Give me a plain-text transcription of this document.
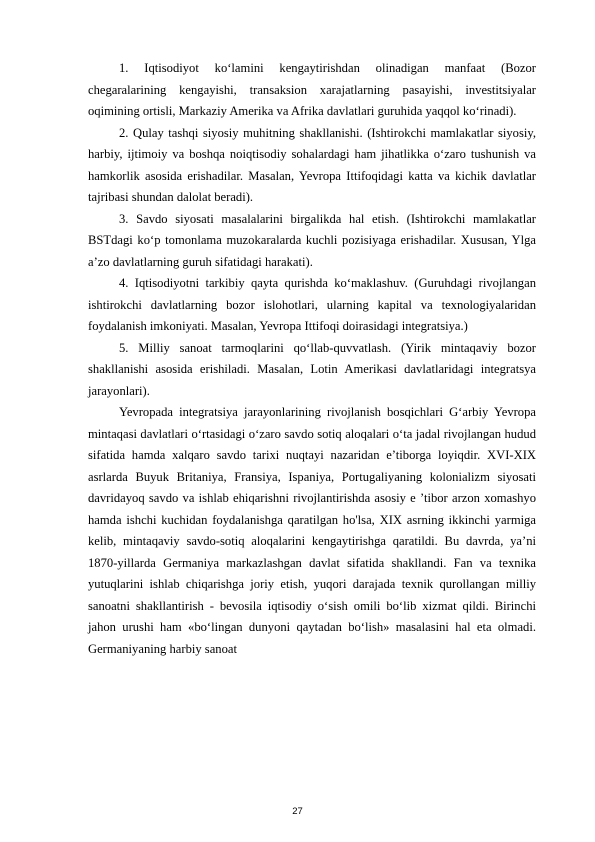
1. Iqtisodiyot ko‘lamini kengaytirishdan olinadigan manfaat (Bozor chegaralarining kengayishi, transaksion xarajatlarning pasayishi, investitsiyalar oqimining ortisli, Markaziy Amerika va Afrika davlatlari guruhida yaqqol ko‘rinadi).

2. Qulay tashqi siyosiy muhitning shakllanishi. (Ishtirokchi mamlakatlar siyosiy, harbiy, ijtimoiy va boshqa noiqtisodiy sohalardagi ham jihatlikka o‘zaro tushunish va hamkorlik asosida erishadilar. Masalan, Yevropa Ittifoqidagi katta va kichik davlatlar tajribasi shundan dalolat beradi).

3. Savdo siyosati masalalarini birgalikda hal etish. (Ishtirokchi mamlakatlar BSTdagi ko‘p tomonlama muzokaralarda kuchli pozisiyaga erishadilar. Xususan, Ylga a’zo davlatlarning guruh sifatidagi harakati).

4. Iqtisodiyotni tarkibiy qayta qurishda ko‘maklashuv. (Guruhdagi rivojlangan ishtirokchi davlatlarning bozor islohotlari, ularning kapital va texnologiyalaridan foydalanish imkoniyati. Masalan, Yevropa Ittifoqi doirasidagi integratsiya.)

5. Milliy sanoat tarmoqlarini qo‘llab-quvvatlash. (Yirik mintaqaviy bozor shakllanishi asosida erishiladi. Masalan, Lotin Amerikasi davlatlaridagi integratsya jarayonlari).

Yevropada integratsiya jarayonlarining rivojlanish bosqichlari G‘arbiy Yevropa mintaqasi davlatlari o‘rtasidagi o‘zaro savdo sotiq aloqalari o‘ta jadal rivojlangan hudud sifatida hamda xalqaro savdo tarixi nuqtayi nazaridan e’tiborga loyiqdir. XVI-XIX asrlarda Buyuk Britaniya, Fransiya, Ispaniya, Portugaliyaning kolonializm siyosati davridayoq savdo va ishlab ehiqarishni rivojlantirishda asosiy e ’tibor arzon xomashyo hamda ishchi kuchidan foydalanishga qaratilgan ho'lsa, XIX asrning ikkinchi yarmiga kelib, mintaqaviy savdo-sotiq aloqalarini kengaytirishga qaratildi. Bu davrda, ya’ni 1870-yillarda Germaniya markazlashgan davlat sifatida shakllandi. Fan va texnika yutuqlarini ishlab chiqarishga joriy etish, yuqori darajada texnik qurollangan milliy sanoatni shakllantirish - bevosila iqtisodiy o‘sish omili bo‘lib xizmat qildi. Birinchi jahon urushi ham «bo‘lingan dunyoni qaytadan bo‘lish» masalasini hal eta olmadi. Germaniyaning harbiy sanoat

27
